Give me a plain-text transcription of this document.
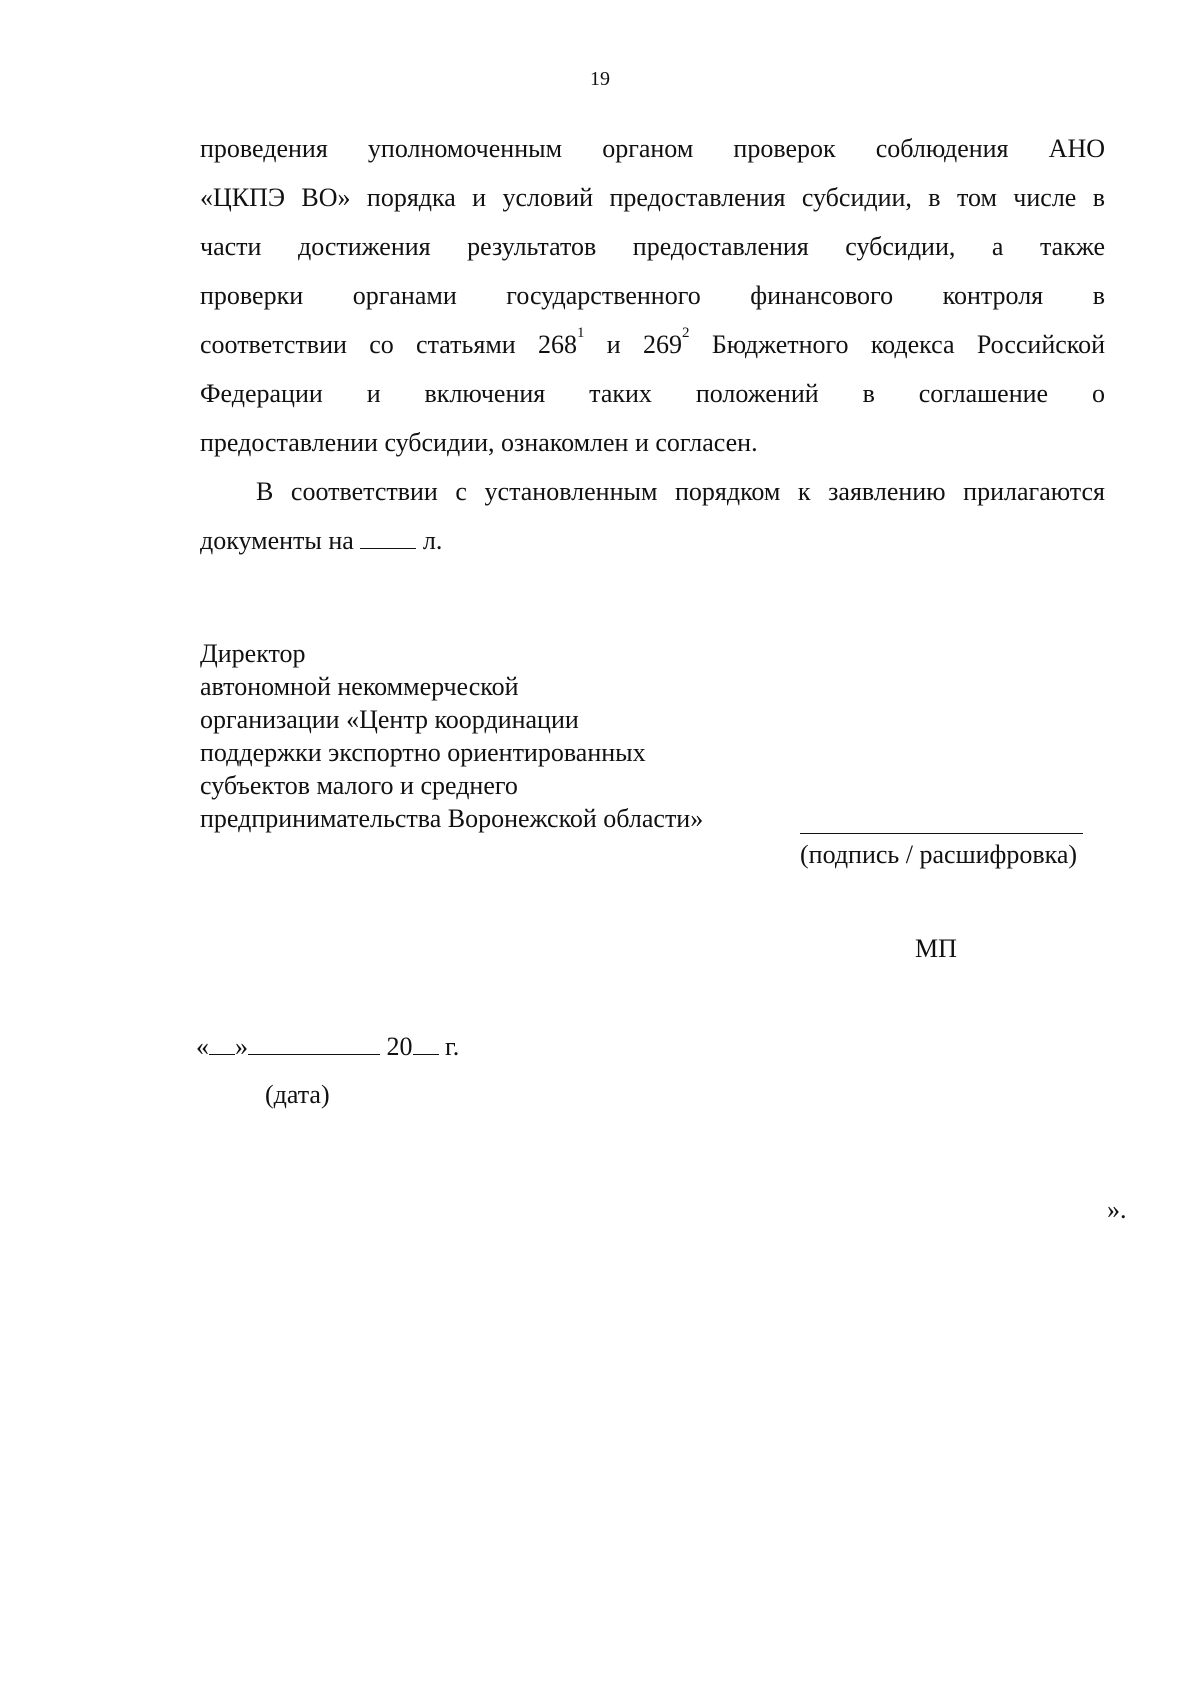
19
проведения уполномоченным органом проверок соблюдения АНО
«ЦКПЭ ВО» порядка и условий предоставления субсидии, в том числе в
части достижения результатов предоставления субсидии, а также
проверки органами государственного финансового контроля в
соответствии со статьями $268^1$ и $269^2$ Бюджетного кодекса Российской
Федерации и включения таких положений в соглашение о
предоставлении субсидии, ознакомлен и согласен.
В соответствии с установленным порядком к заявлению прилагаются
документы на  л.
Директор
автономной некоммерческой
организации «Центр координации
поддержки экспортно ориентированных
субъектов малого и среднего
предпринимательства Воронежской области»
(подпись / расшифровка)
МП
« »	20 г.
(дата)
».
